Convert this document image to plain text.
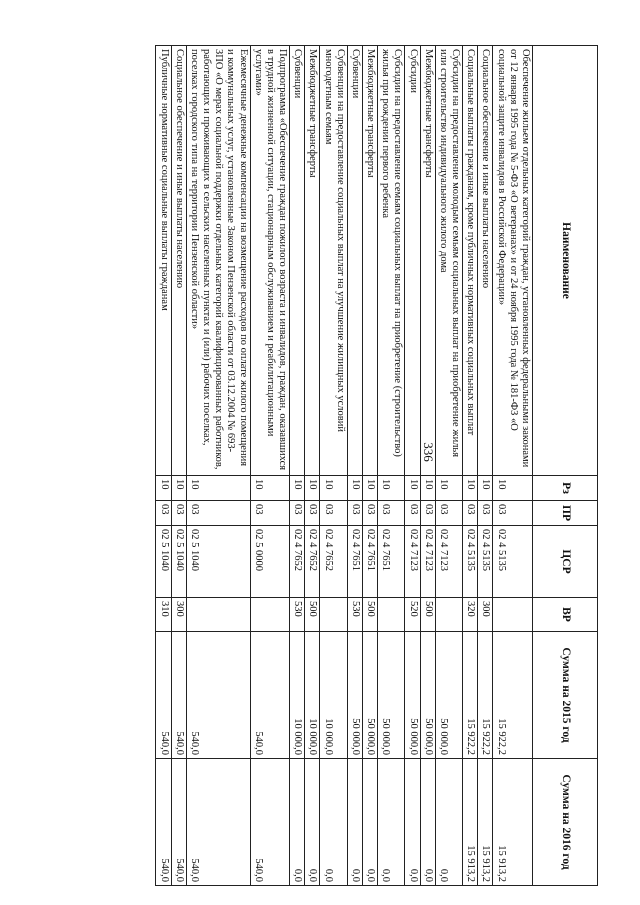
336
Наименование	Рз	ПР	ЦСР	ВР	Сумма на 2015 год	Сумма на 2016 год
Обеспечение жильем отдельных категорий граждан, установленных федеральными законами от 12 января 1995 года № 5-ФЗ «О ветеранах» и от 24 ноября 1995 года № 181-ФЗ «О социальной защите инвалидов в Российской Федерации»	10	03	02 4 5135		15 922,2	15 913,2
Социальное обеспечение и иные выплаты населению	10	03	02 4 5135	300	15 922,2	15 913,2
Социальные выплаты гражданам, кроме публичных нормативных социальных выплат	10	03	02 4 5135	320	15 922,2	15 913,2
Субсидии на предоставление молодым семьям социальных выплат на приобретение жилья или строительство индивидуального жилого дома	10	03	02 4 7123		50 000,0	0,0
Межбюджетные трансферты	10	03	02 4 7123	500	50 000,0	0,0
Субсидии	10	03	02 4 7123	520	50 000,0	0,0
Субсидии на предоставление семьям социальных выплат на приобретение (строительство) жилья при рождении первого ребенка	10	03	02 4 7651		50 000,0	0,0
Межбюджетные трансферты	10	03	02 4 7651	500	50 000,0	0,0
Субвенции	10	03	02 4 7651	530	50 000,0	0,0
Субвенции на предоставление социальных выплат на улучшение жилищных условий многодетным семьям	10	03	02 4 7652		10 000,0	0,0
Межбюджетные трансферты	10	03	02 4 7652	500	10 000,0	0,0
Субвенции	10	03	02 4 7652	530	10 000,0	0,0
Подпрограмма «Обеспечение граждан пожилого возраста и инвалидов, граждан, оказавшихся в трудной жизненной ситуации, стационарным обслуживанием и реабилитационными услугами»	10	03	02 5 0000		540,0	540,0
Ежемесячные денежные компенсации на возмещение расходов по оплате жилого помещения и коммунальных услуг, установленные Законом Пензенской области от 03.12.2004 № 693-ЗПО «О мерах социальной поддержки отдельных категорий квалифицированных работников, работающих и проживающих в сельских населенных пунктах и (или) рабочих поселках, поселках городского типа на территории Пензенской области»	10	03	02 5 1040		540,0	540,0
Социальное обеспечение и иные выплаты населению	10	03	02 5 1040	300	540,0	540,0
Публичные нормативные социальные выплаты гражданам	10	03	02 5 1040	310	540,0	540,0
